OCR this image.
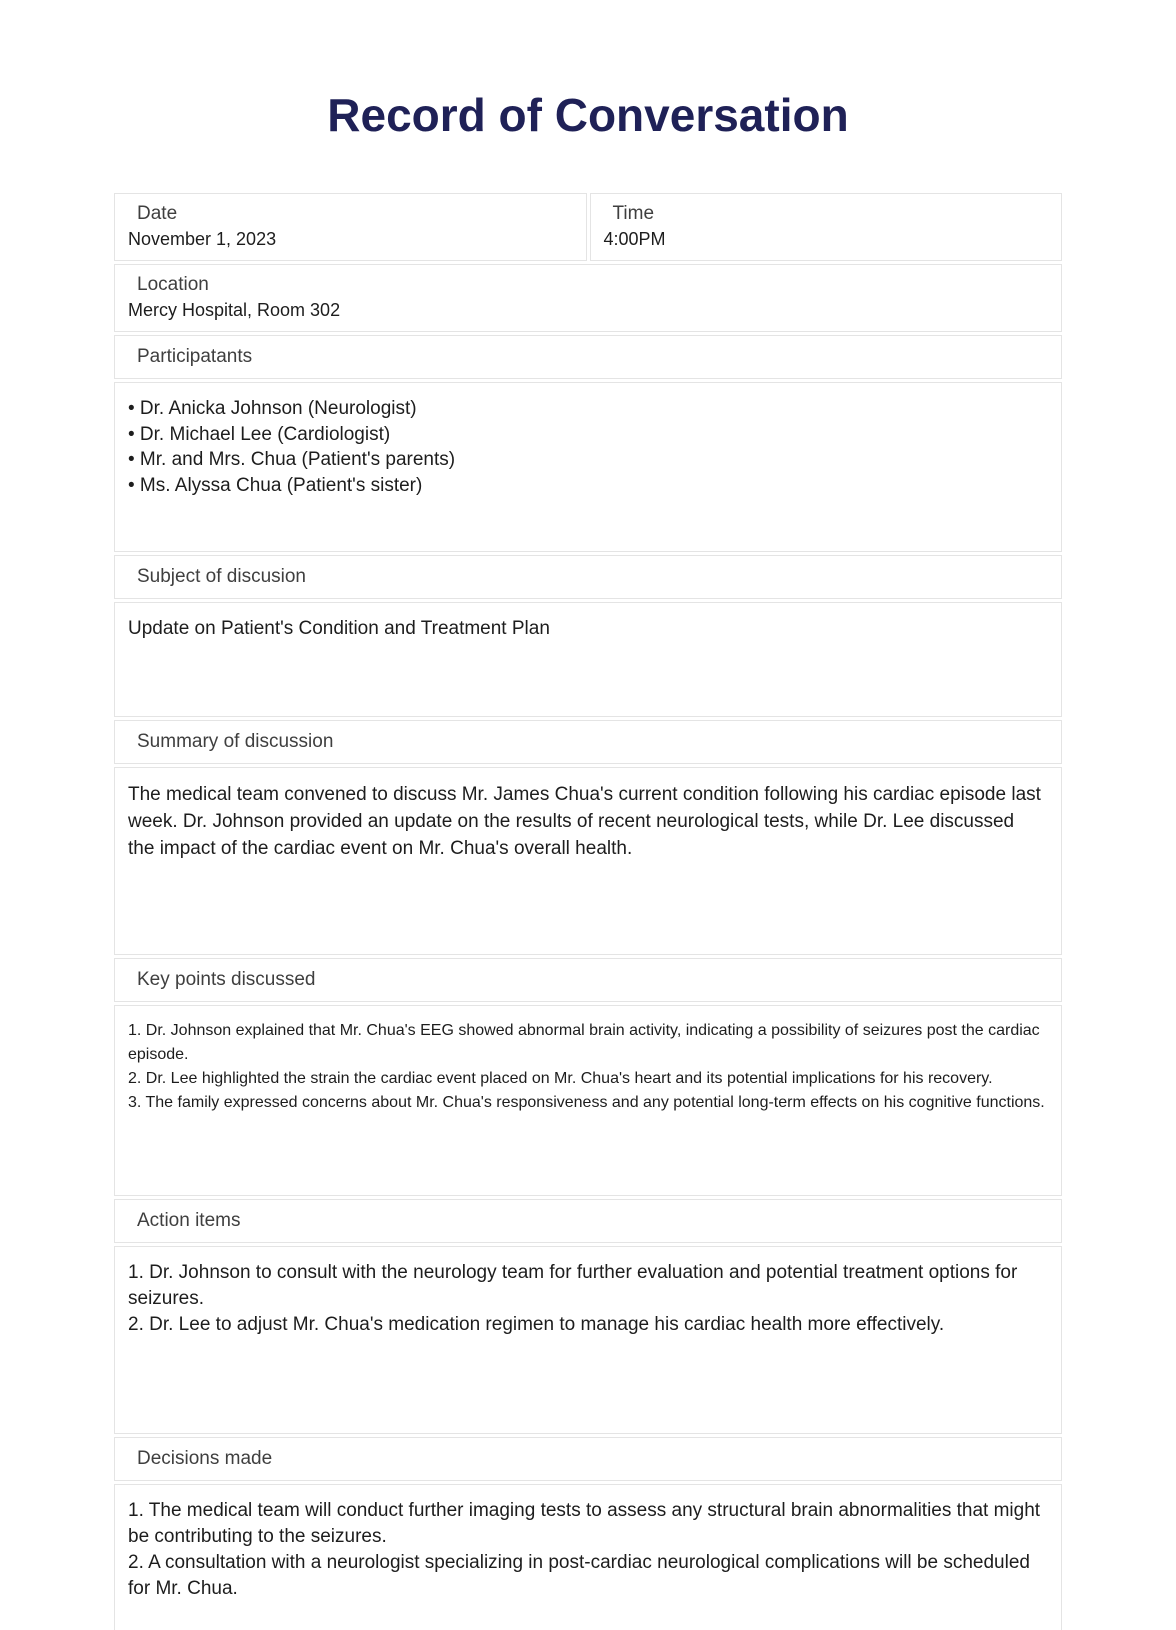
Record of Conversation
Date
November 1, 2023

Time
4:00PM

Location
Mercy Hospital, Room 302

Participatants

• Dr. Anicka Johnson (Neurologist)
• Dr. Michael Lee (Cardiologist)
• Mr. and Mrs. Chua (Patient's parents)
• Ms. Alyssa Chua (Patient's sister)

Subject of discusion

Update on Patient's Condition and Treatment Plan

Summary of discussion

The medical team convened to discuss Mr. James Chua's current condition following his cardiac episode last week. Dr. Johnson provided an update on the results of recent neurological tests, while Dr. Lee discussed the impact of the cardiac event on Mr. Chua's overall health.

Key points discussed

1. Dr. Johnson explained that Mr. Chua's EEG showed abnormal brain activity, indicating a possibility of seizures post the cardiac episode.
2. Dr. Lee highlighted the strain the cardiac event placed on Mr. Chua's heart and its potential implications for his recovery.
3. The family expressed concerns about Mr. Chua's responsiveness and any potential long-term effects on his cognitive functions.

Action items

1. Dr. Johnson to consult with the neurology team for further evaluation and potential treatment options for seizures.
2. Dr. Lee to adjust Mr. Chua's medication regimen to manage his cardiac health more effectively.

Decisions made

1. The medical team will conduct further imaging tests to assess any structural brain abnormalities that might be contributing to the seizures.
2. A consultation with a neurologist specializing in post-cardiac neurological complications will be scheduled for Mr. Chua.
